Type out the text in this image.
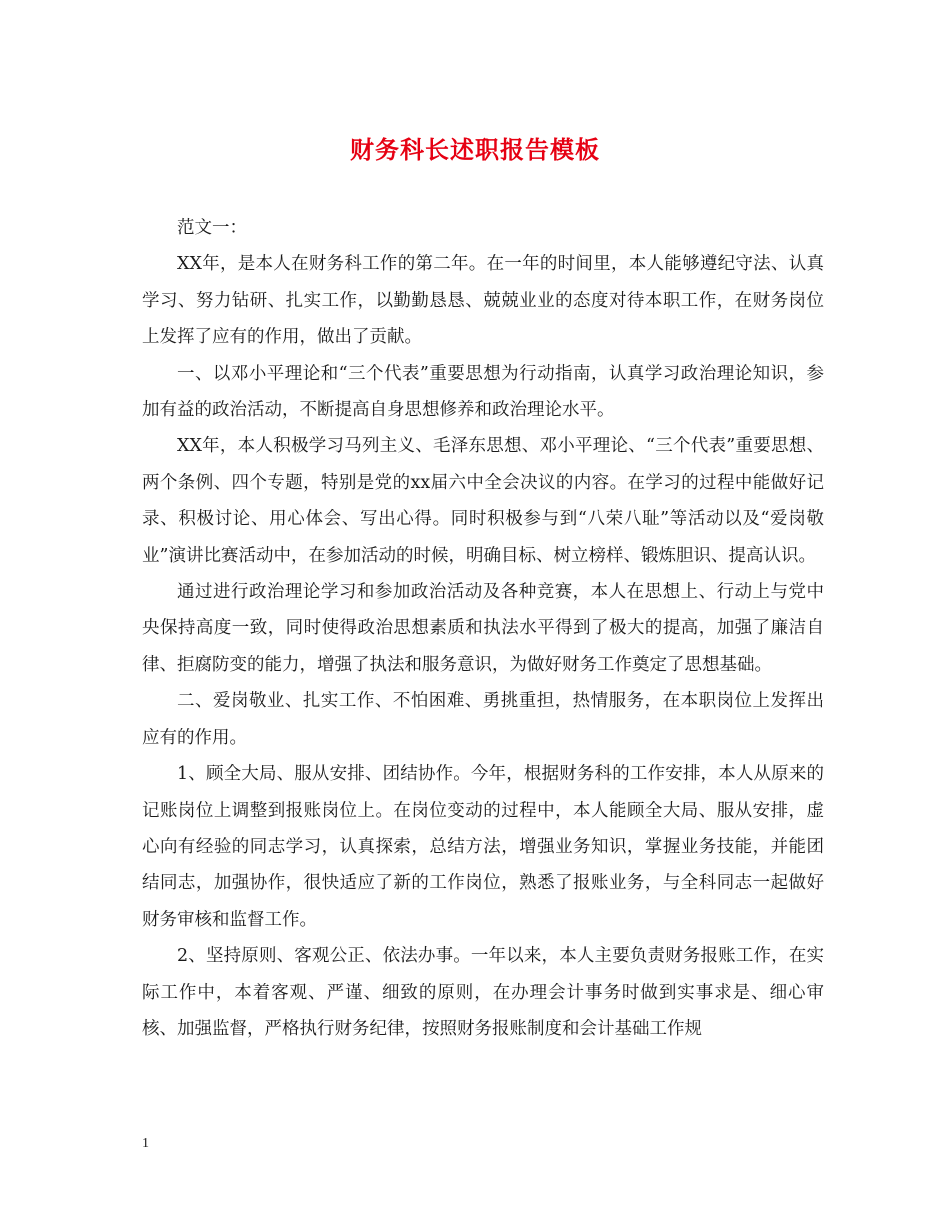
财务科长述职报告模板

范文一：

XX年，是本人在财务科工作的第二年。在一年的时间里，本人能够遵纪守法、认真学习、努力钻研、扎实工作，以勤勤恳恳、兢兢业业的态度对待本职工作，在财务岗位上发挥了应有的作用，做出了贡献。

一、以邓小平理论和“三个代表”重要思想为行动指南，认真学习政治理论知识，参加有益的政治活动，不断提高自身思想修养和政治理论水平。

XX年，本人积极学习马列主义、毛泽东思想、邓小平理论、“三个代表”重要思想、两个条例、四个专题，特别是党的xx届六中全会决议的内容。在学习的过程中能做好记录、积极讨论、用心体会、写出心得。同时积极参与到“八荣八耻”等活动以及“爱岗敬业”演讲比赛活动中，在参加活动的时候，明确目标、树立榜样、锻炼胆识、提高认识。

通过进行政治理论学习和参加政治活动及各种竞赛，本人在思想上、行动上与党中央保持高度一致，同时使得政治思想素质和执法水平得到了极大的提高，加强了廉洁自律、拒腐防变的能力，增强了执法和服务意识，为做好财务工作奠定了思想基础。

二、爱岗敬业、扎实工作、不怕困难、勇挑重担，热情服务，在本职岗位上发挥出应有的作用。

1、顾全大局、服从安排、团结协作。今年，根据财务科的工作安排，本人从原来的记账岗位上调整到报账岗位上。在岗位变动的过程中，本人能顾全大局、服从安排，虚心向有经验的同志学习，认真探索，总结方法，增强业务知识，掌握业务技能，并能团结同志，加强协作，很快适应了新的工作岗位，熟悉了报账业务，与全科同志一起做好财务审核和监督工作。

2、坚持原则、客观公正、依法办事。一年以来，本人主要负责财务报账工作，在实际工作中，本着客观、严谨、细致的原则，在办理会计事务时做到实事求是、细心审核、加强监督，严格执行财务纪律，按照财务报账制度和会计基础工作规

1
